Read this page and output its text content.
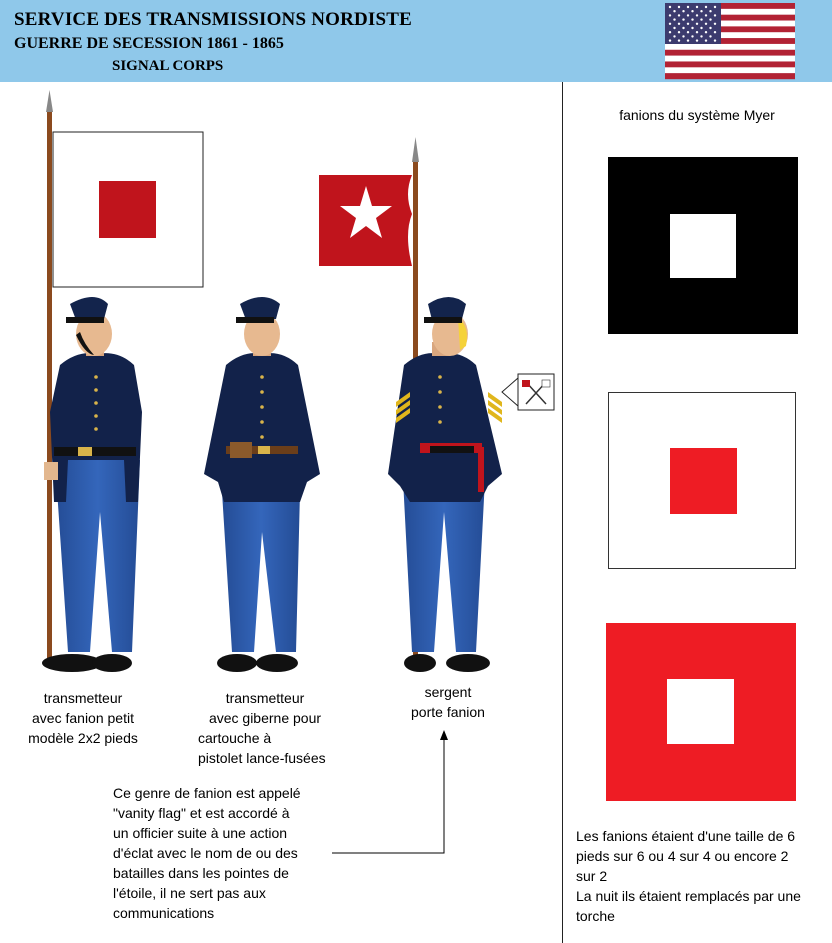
SERVICE DES TRANSMISSIONS NORDISTE
GUERRE DE SECESSION 1861 - 1865
SIGNAL CORPS
transmetteur
avec fanion petit
modèle 2x2 pieds
transmetteur
avec giberne pour
cartouche à
pistolet lance-fusées
sergent
porte fanion
Ce genre de fanion est appelé
"vanity flag" et est accordé à
un officier suite à une action
d'éclat avec le nom de ou des
batailles dans les pointes de
l'étoile, il ne sert pas aux
communications
fanions du système Myer
Les fanions étaient d'une taille de 6
pieds sur 6 ou 4 sur 4 ou encore 2
sur 2
La nuit ils étaient remplacés par une
torche
